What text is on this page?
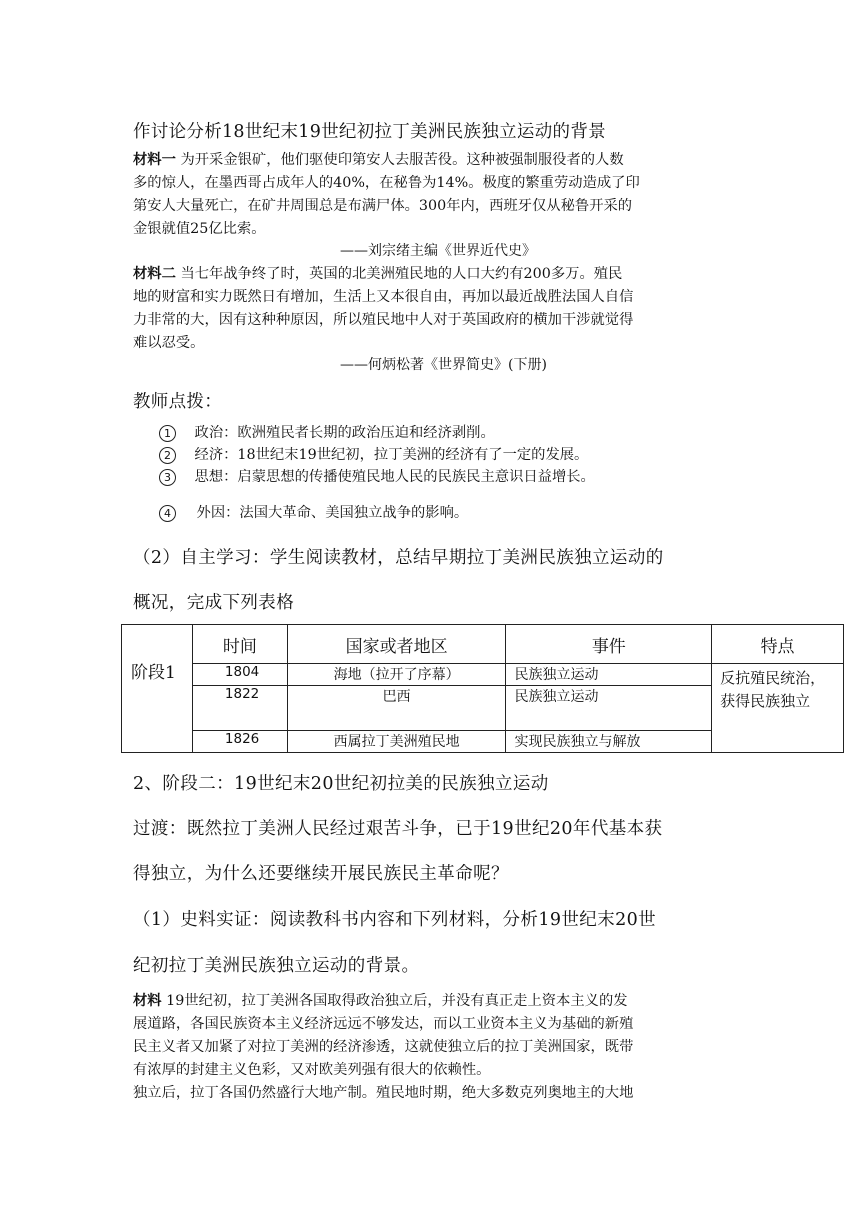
作讨论分析18世纪末19世纪初拉丁美洲民族独立运动的背景
材料一 为开采金银矿，他们驱使印第安人去服苦役。这种被强制服役者的人数
多的惊人，在墨西哥占成年人的40%，在秘鲁为14%。极度的繁重劳动造成了印
第安人大量死亡，在矿井周围总是布满尸体。300年内，西班牙仅从秘鲁开采的
金银就值25亿比索。
——刘宗绪主编《世界近代史》
材料二 当七年战争终了时，英国的北美洲殖民地的人口大约有200多万。殖民
地的财富和实力既然日有增加，生活上又本很自由，再加以最近战胜法国人自信
力非常的大，因有这种种原因，所以殖民地中人对于英国政府的横加干涉就觉得
难以忍受。
——何炳松著《世界简史》(下册)
教师点拨：
1 政治：欧洲殖民者长期的政治压迫和经济剥削。
2 经济：18世纪末19世纪初，拉丁美洲的经济有了一定的发展。
3 思想：启蒙思想的传播使殖民地人民的民族民主意识日益增长。
4 外因：法国大革命、美国独立战争的影响。
（2）自主学习：学生阅读教材，总结早期拉丁美洲民族独立运动的
概况，完成下列表格
阶段1	时间	国家或者地区	事件	特点
	1804	海地（拉开了序幕）	民族独立运动	反抗殖民统治，
获得民族独立

	1822	巴西	民族独立运动	
	1826	西属拉丁美洲殖民地	实现民族独立与解放	
2、阶段二：19世纪末20世纪初拉美的民族独立运动
过渡：既然拉丁美洲人民经过艰苦斗争，已于19世纪20年代基本获
得独立，为什么还要继续开展民族民主革命呢？
（1）史料实证：阅读教科书内容和下列材料，分析19世纪末20世
纪初拉丁美洲民族独立运动的背景。
材料 19世纪初，拉丁美洲各国取得政治独立后，并没有真正走上资本主义的发
展道路，各国民族资本主义经济远远不够发达，而以工业资本主义为基础的新殖
民主义者又加紧了对拉丁美洲的经济渗透，这就使独立后的拉丁美洲国家，既带
有浓厚的封建主义色彩，又对欧美列强有很大的依赖性。
独立后，拉丁各国仍然盛行大地产制。殖民地时期，绝大多数克列奥地主的大地
